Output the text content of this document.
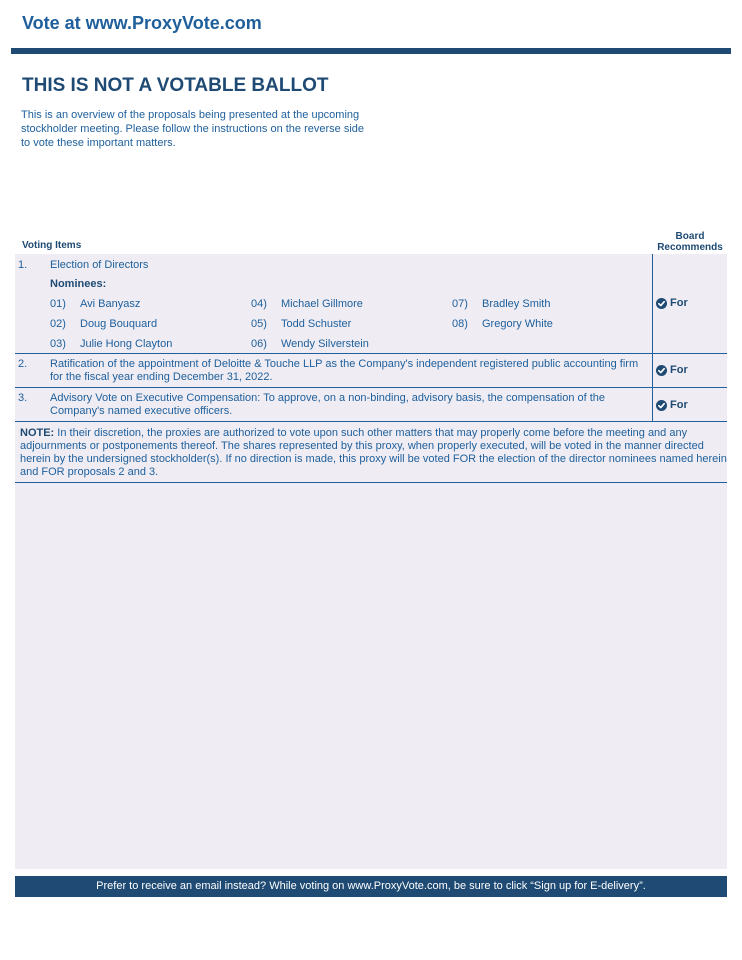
Vote at www.ProxyVote.com
THIS IS NOT A VOTABLE BALLOT
This is an overview of the proposals being presented at the upcoming stockholder meeting. Please follow the instructions on the reverse side to vote these important matters.
Voting Items
Board
Recommends
1. Election of Directors
Nominees:
01) Avi Banyasz
02) Doug Bouquard
03) Julie Hong Clayton
04) Michael Gillmore
05) Todd Schuster
06) Wendy Silverstein
07) Bradley Smith
08) Gregory White
For
2. Ratification of the appointment of Deloitte & Touche LLP as the Company's independent registered public accounting firm for the fiscal year ending December 31, 2022.
For
3. Advisory Vote on Executive Compensation: To approve, on a non-binding, advisory basis, the compensation of the Company's named executive officers.	For
NOTE: In their discretion, the proxies are authorized to vote upon such other matters that may properly come before the meeting and any adjournments or postponements thereof. The shares represented by this proxy, when properly executed, will be voted in the manner directed herein by the undersigned stockholder(s). If no direction is made, this proxy will be voted FOR the election of the director nominees named herein and FOR proposals 2 and 3.
Prefer to receive an email instead? While voting on www.ProxyVote.com, be sure to click “Sign up for E-delivery”.
